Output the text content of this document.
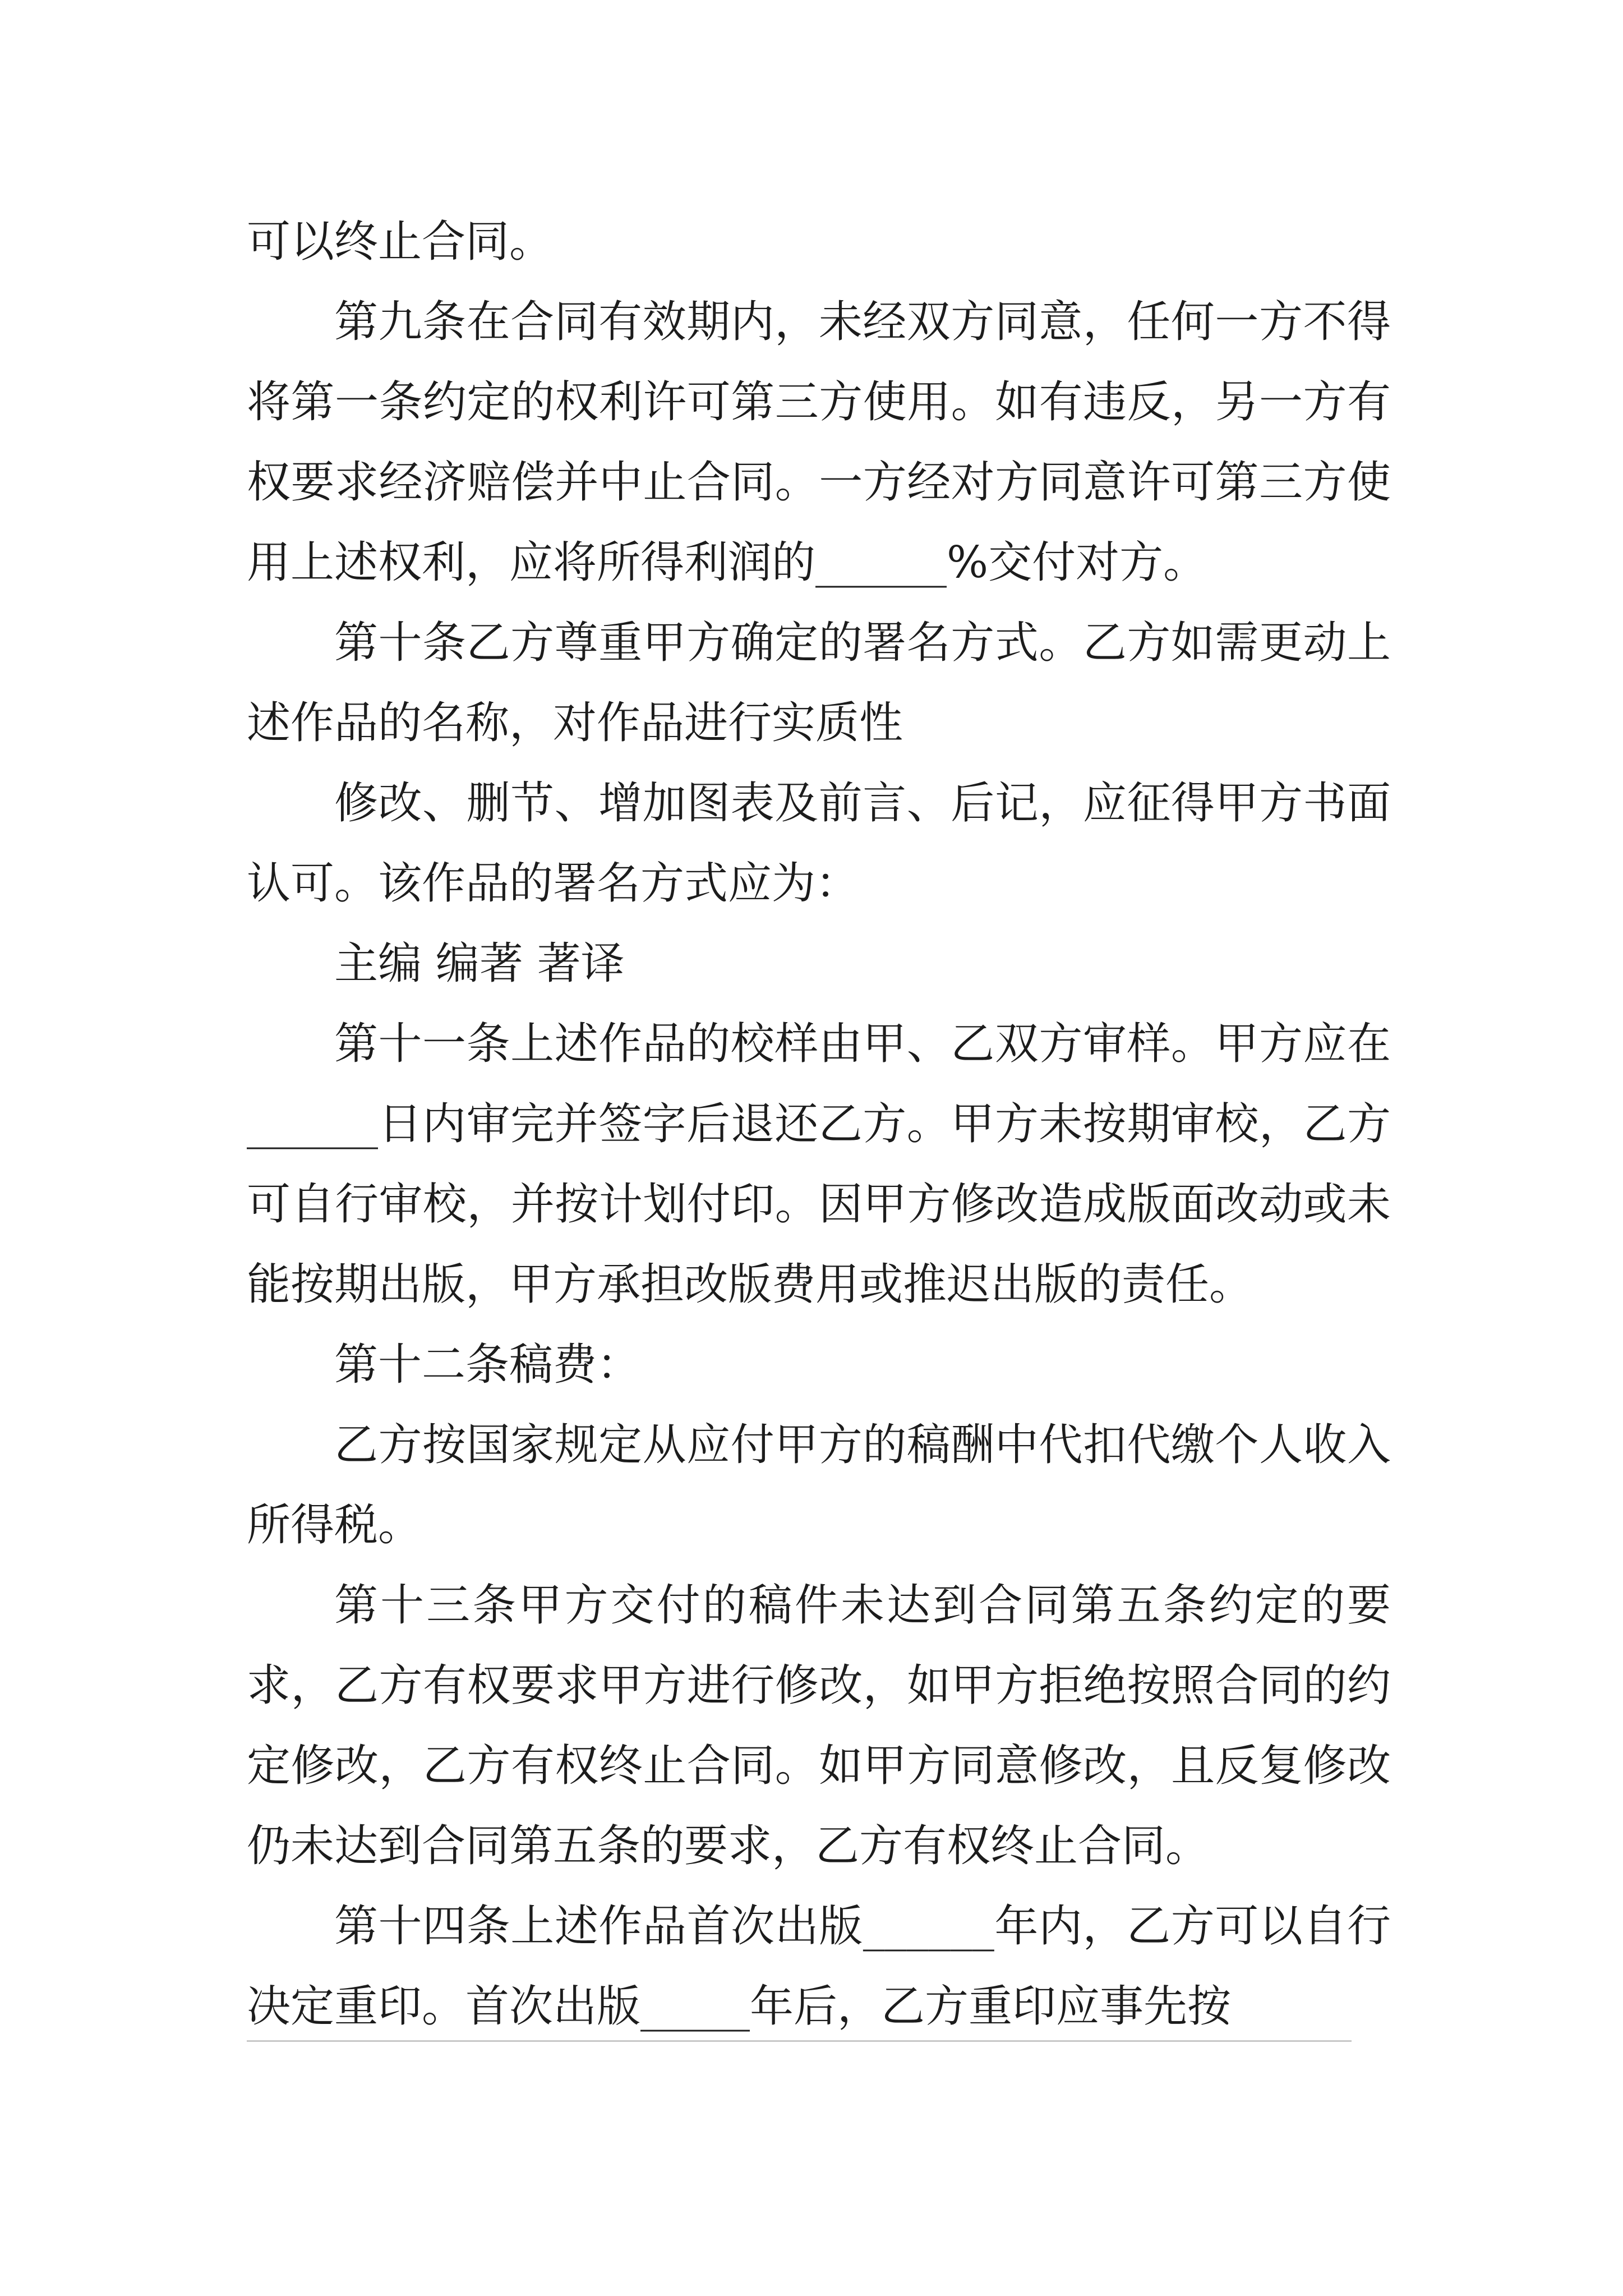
可以终止合同。

第九条在合同有效期内，未经双方同意，任何一方不得将第一条约定的权利许可第三方使用。如有违反，另一方有权要求经济赔偿并中止合同。一方经对方同意许可第三方使用上述权利，应将所得利润的______%交付对方。

第十条乙方尊重甲方确定的署名方式。乙方如需更动上述作品的名称，对作品进行实质性

修改、删节、增加图表及前言、后记，应征得甲方书面认可。该作品的署名方式应为：

主编 编著 著译

第十一条上述作品的校样由甲、乙双方审样。甲方应在______日内审完并签字后退还乙方。甲方未按期审校，乙方可自行审校，并按计划付印。因甲方修改造成版面改动或未能按期出版，甲方承担改版费用或推迟出版的责任。

第十二条稿费：

乙方按国家规定从应付甲方的稿酬中代扣代缴个人收入所得税。

第十三条甲方交付的稿件未达到合同第五条约定的要求，乙方有权要求甲方进行修改，如甲方拒绝按照合同的约定修改，乙方有权终止合同。如甲方同意修改，且反复修改仍未达到合同第五条的要求，乙方有权终止合同。

第十四条上述作品首次出版______年内，乙方可以自行决定重印。首次出版_____年后，乙方重印应事先按
